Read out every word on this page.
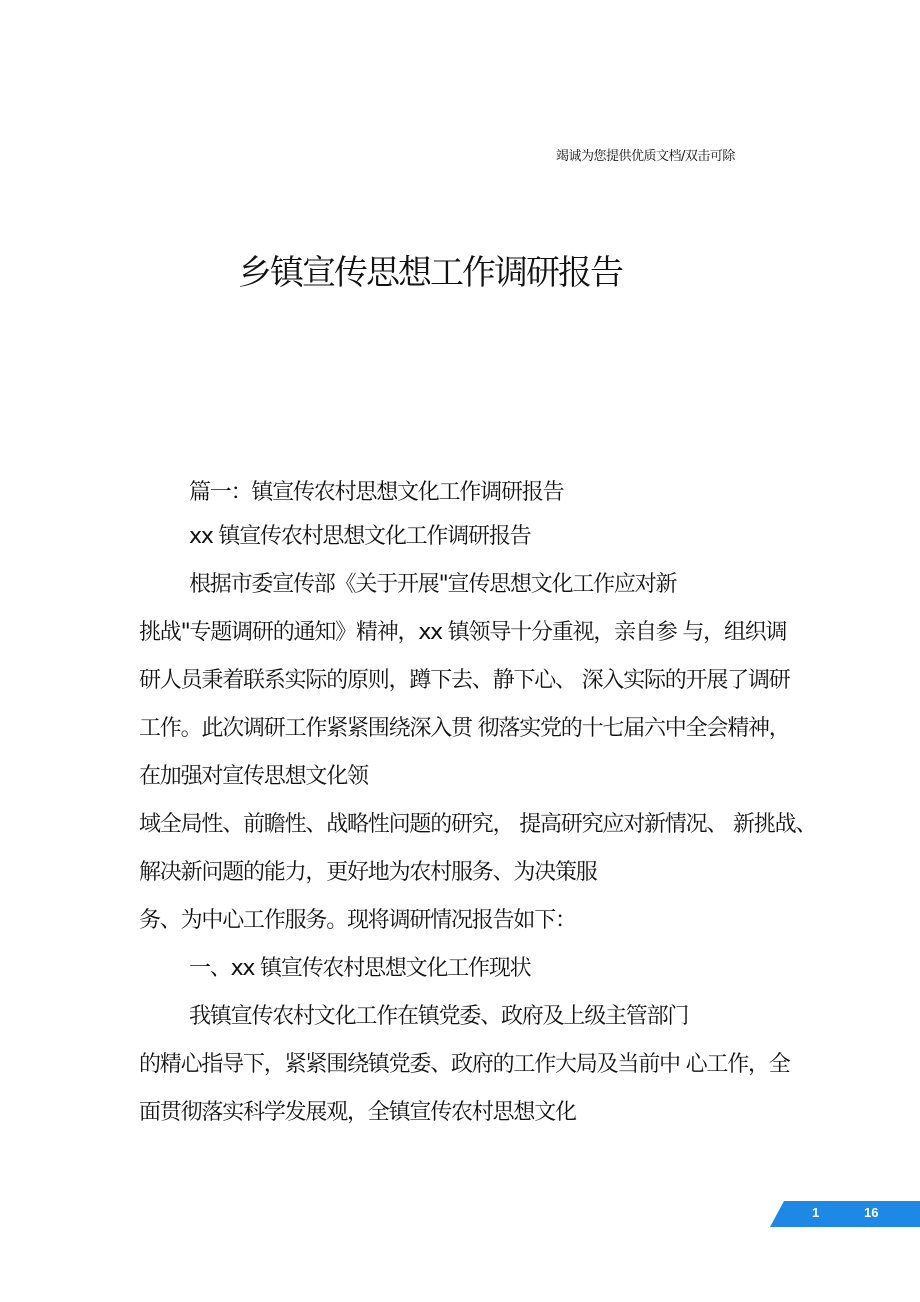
竭诚为您提供优质文档/双击可除
乡镇宣传思想工作调研报告
篇一：镇宣传农村思想文化工作调研报告
xx 镇宣传农村思想文化工作调研报告
根据市委宣传部《关于开展"宣传思想文化工作应对新
挑战"专题调研的通知》精神，xx 镇领导十分重视，亲自参 与，组织调
研人员秉着联系实际的原则，蹲下去、静下心、 深入实际的开展了调研
工作。此次调研工作紧紧围绕深入贯 彻落实党的十七届六中全会精神，
在加强对宣传思想文化领
域全局性、前瞻性、战略性问题的研究， 提高研究应对新情况、 新挑战、
解决新问题的能力，更好地为农村服务、为决策服
务、为中心工作服务。现将调研情况报告如下：
一、xx 镇宣传农村思想文化工作现状
我镇宣传农村文化工作在镇党委、政府及上级主管部门
的精心指导下，紧紧围绕镇党委、政府的工作大局及当前中 心工作，全
面贯彻落实科学发展观，全镇宣传农村思想文化
1	16
